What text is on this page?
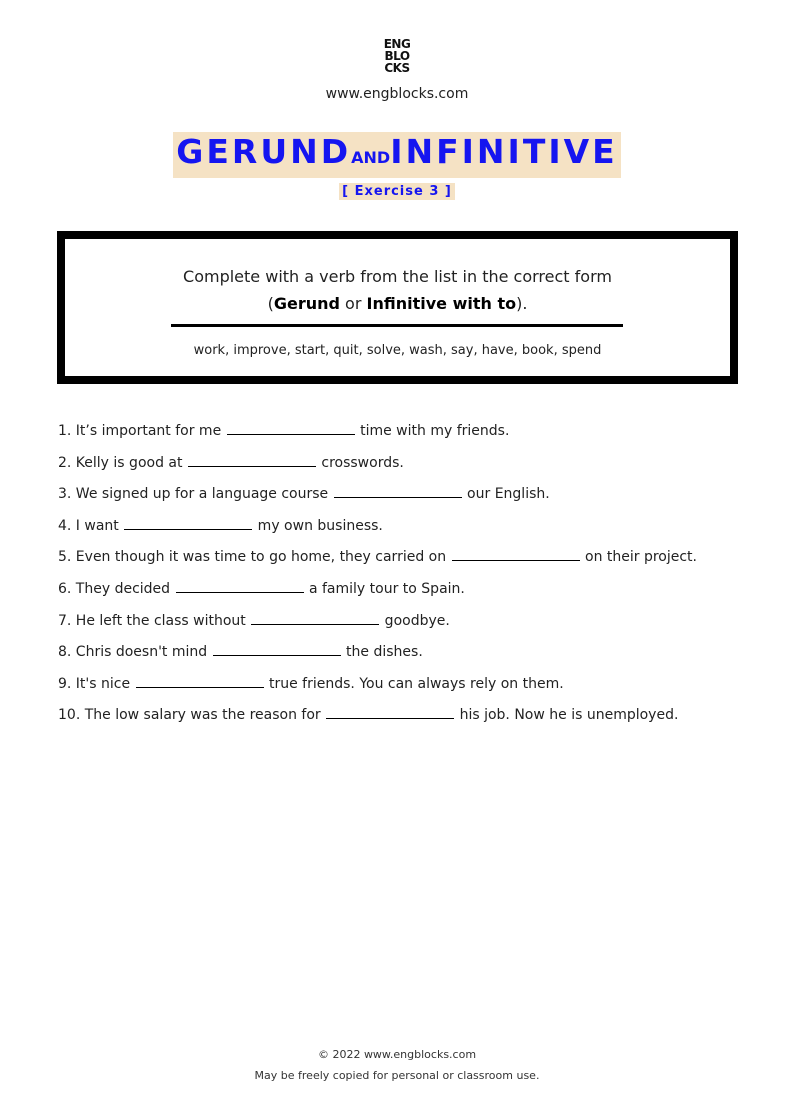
ENG
BLO
CKS
www.engblocks.com
GERUNDANDINFINITIVE
[ Exercise 3 ]
Complete with a verb from the list in the correct form
(Gerund or Infinitive with to).
work, improve, start, quit, solve, wash, say, have, book, spend
1. It’s important for me	time with my friends.
2. Kelly is good at	crosswords.
3. We signed up for a language course	our English.
4. I want	my own business.
5. Even though it was time to go home, they carried on	on their project.
6. They decided	a family tour to Spain.
7. He left the class without	goodbye.
8. Chris doesn't mind	the dishes.
9. It's nice	true friends. You can always rely on them.
10. The low salary was the reason for	his job. Now he is unemployed.
© 2022 www.engblocks.com
May be freely copied for personal or classroom use.
